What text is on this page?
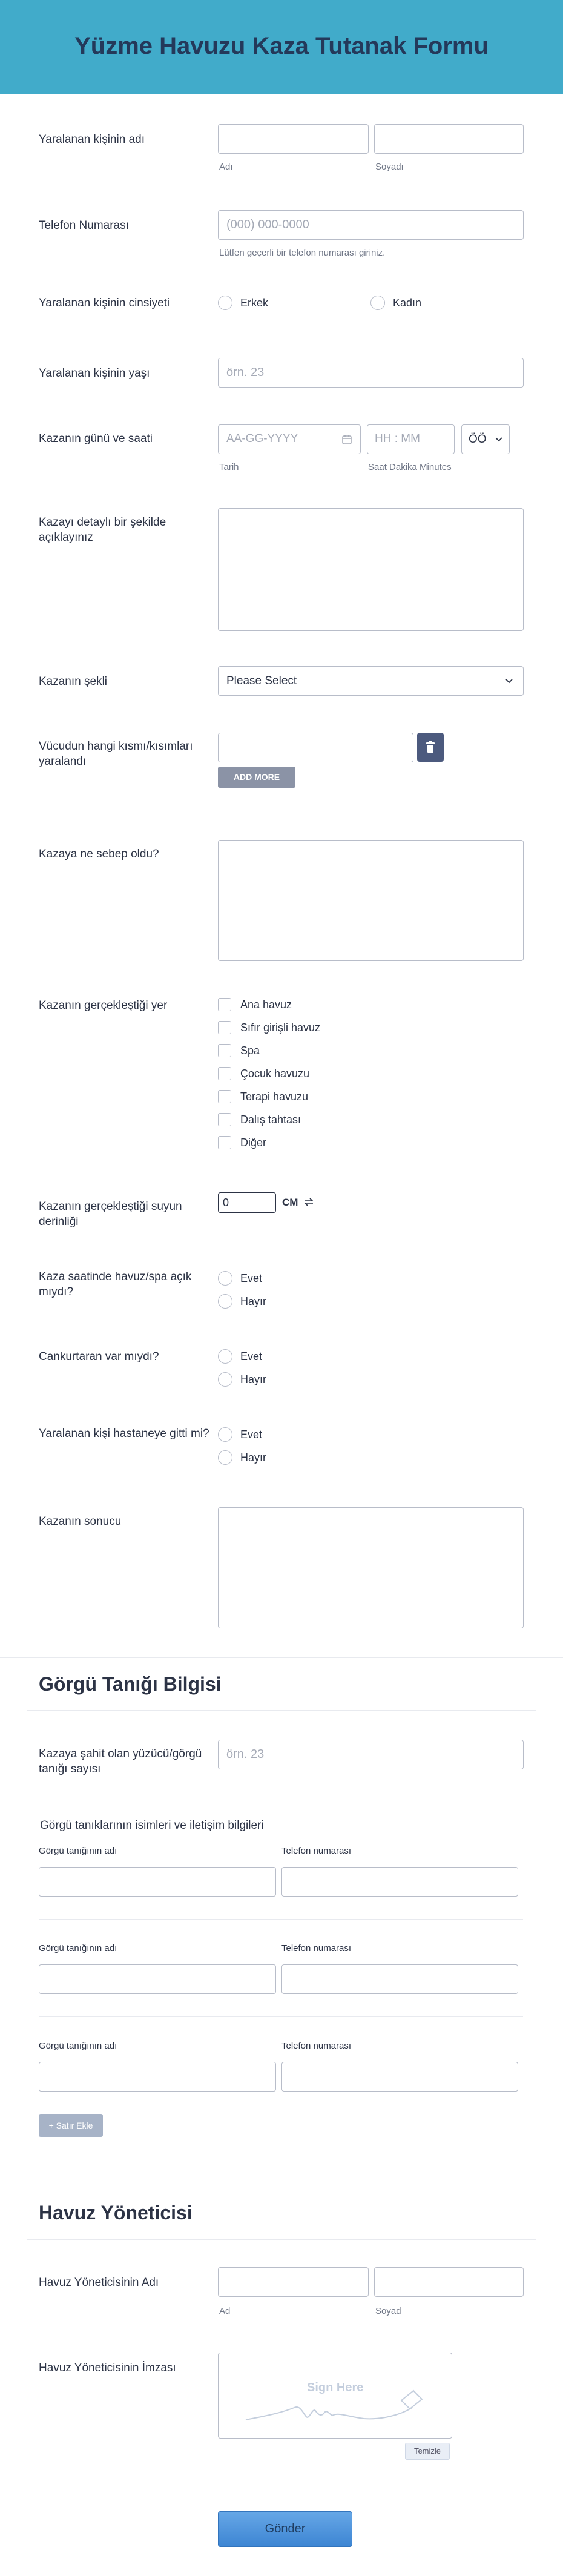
Yüzme Havuzu Kaza Tutanak Formu
Yaralanan kişinin adı
Adı	Soyadı
Telefon Numarası	(000) 000-0000
Lütfen geçerli bir telefon numarası giriniz.
Yaralanan kişinin cinsiyeti	Erkek	Kadın
Yaralanan kişinin yaşı	örn. 23
Kazanın günü ve saati	AA-GG-YYYY	HH : MM	ÖÖ
Tarih	Saat Dakika Minutes
Kazayı detaylı bir şekilde açıklayınız
Kazanın şekli	Please Select
Vücudun hangi kısmı/kısımları yaralandı
ADD MORE
Kazaya ne sebep oldu?
Kazanın gerçekleştiği yer	Ana havuz
Sıfır girişli havuz
Spa
Çocuk havuzu
Terapi havuzu
Dalış tahtası
Diğer
Kazanın gerçekleştiği suyun derinliği
0	CM
Kaza saatinde havuz/spa açık mıydı?
Evet
Hayır
Cankurtaran var mıydı?	Evet
Hayır
Yaralanan kişi hastaneye gitti mi?	Evet
Hayır
Kazanın sonucu
Görgü Tanığı Bilgisi
Kazaya şahit olan yüzücü/görgü tanığı sayısı
örn. 23
Görgü tanıklarının isimleri ve iletişim bilgileri
Görgü tanığının adı	Telefon numarası
Görgü tanığının adı	Telefon numarası
Görgü tanığının adı	Telefon numarası
+ Satır Ekle
Havuz Yöneticisi
Havuz Yöneticisinin Adı
Ad	Soyad
Havuz Yöneticisinin İmzası
Sign Here
Temizle
Gönder
